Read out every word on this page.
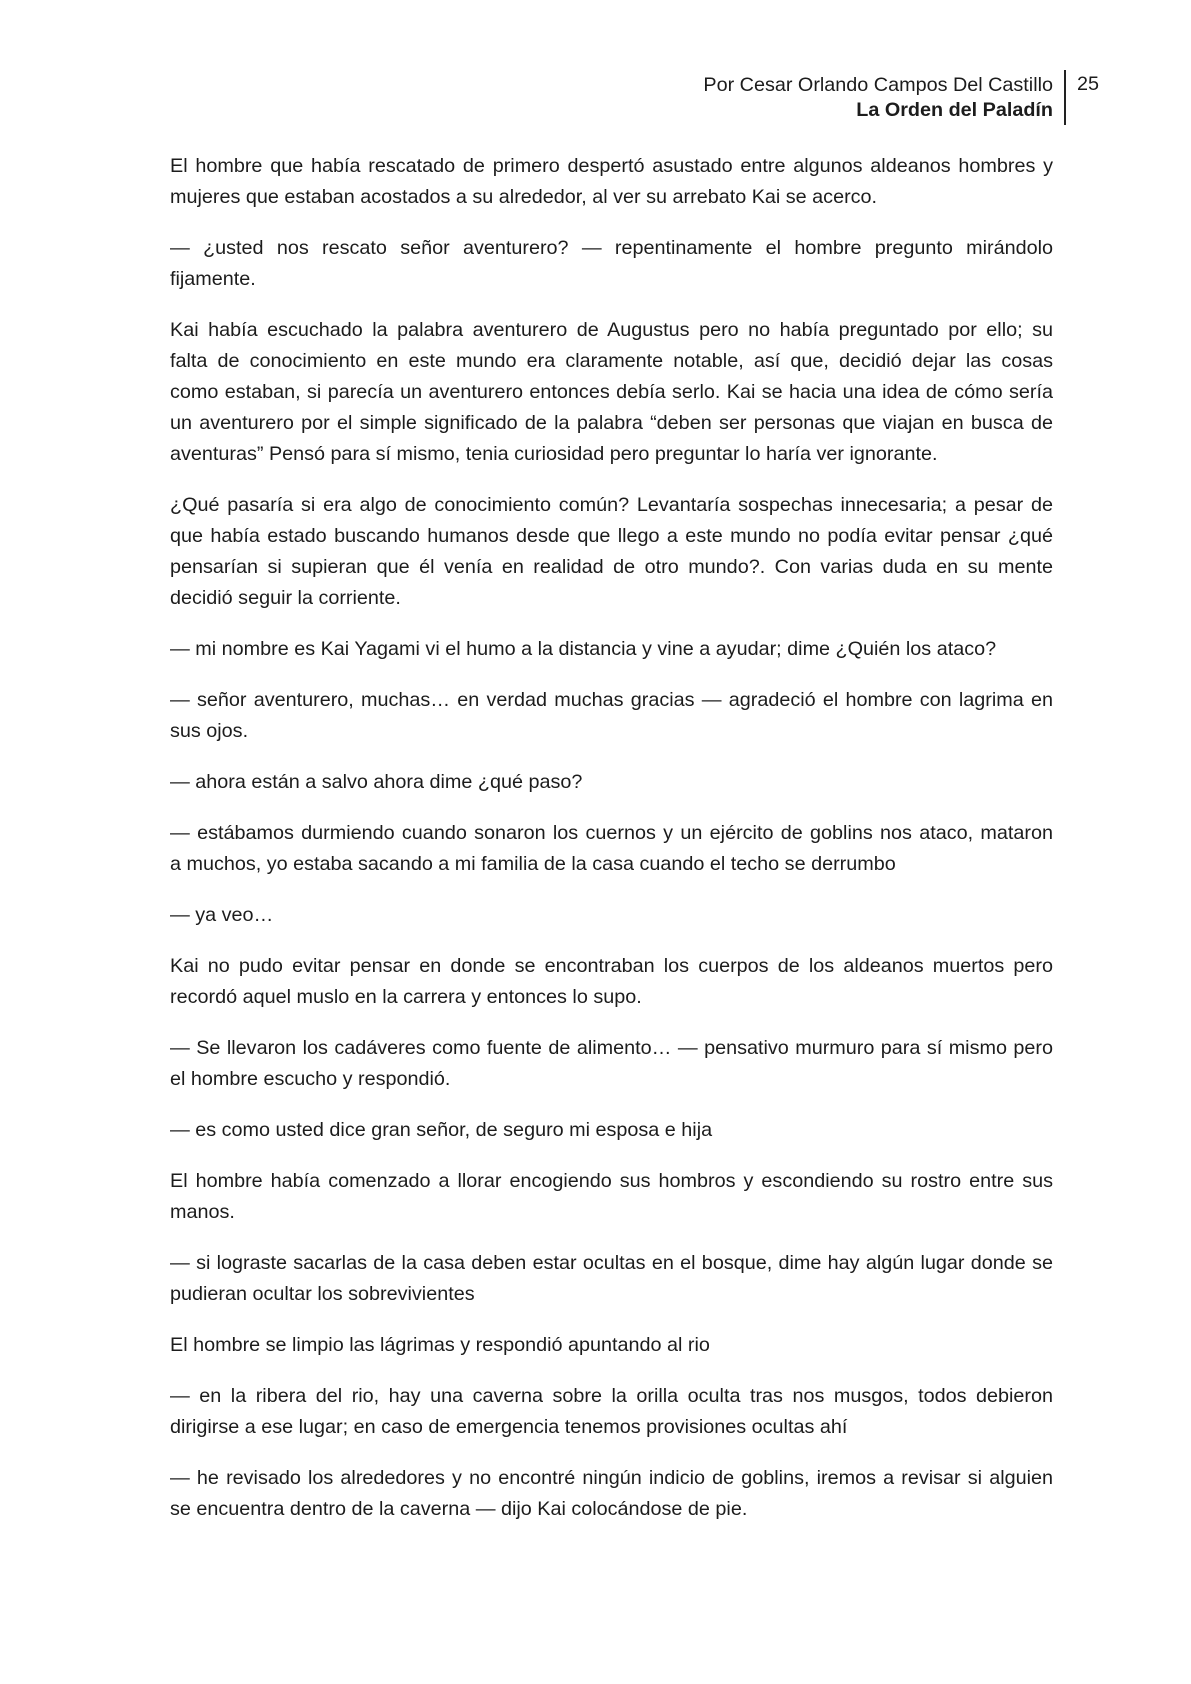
Por Cesar Orlando Campos Del Castillo
La Orden del Paladín
25

El hombre que había rescatado de primero despertó asustado entre algunos aldeanos hombres y
mujeres que estaban acostados a su alrededor, al ver su arrebato Kai se acerco.

— ¿usted nos rescato señor aventurero? — repentinamente el hombre pregunto mirándolo
fijamente.

Kai había escuchado la palabra aventurero de Augustus pero no había preguntado por ello; su
falta de conocimiento en este mundo era claramente notable, así que, decidió dejar las cosas
como estaban, si parecía un aventurero entonces debía serlo. Kai se hacia una idea de cómo sería
un aventurero por el simple significado de la palabra “deben ser personas que viajan en busca de
aventuras” Pensó para sí mismo, tenia curiosidad pero preguntar lo haría ver ignorante.

¿Qué pasaría si era algo de conocimiento común? Levantaría sospechas innecesaria; a pesar de
que había estado buscando humanos desde que llego a este mundo no podía evitar pensar ¿qué
pensarían si supieran que él venía en realidad de otro mundo?. Con varias duda en su mente
decidió seguir la corriente.

— mi nombre es Kai Yagami vi el humo a la distancia y vine a ayudar; dime ¿Quién los ataco?

— señor aventurero, muchas… en verdad muchas gracias — agradeció el hombre con lagrima en
sus ojos.

— ahora están a salvo ahora dime ¿qué paso?

— estábamos durmiendo cuando sonaron los cuernos y un ejército de goblins nos ataco, mataron
a muchos, yo estaba sacando a mi familia de la casa cuando el techo se derrumbo

— ya veo…

Kai no pudo evitar pensar en donde se encontraban los cuerpos de los aldeanos muertos pero
recordó aquel muslo en la carrera y entonces lo supo.

— Se llevaron los cadáveres como fuente de alimento… — pensativo murmuro para sí mismo pero
el hombre escucho y respondió.

— es como usted dice gran señor, de seguro mi esposa e hija

El hombre había comenzado a llorar encogiendo sus hombros y escondiendo su rostro entre sus
manos.

— si lograste sacarlas de la casa deben estar ocultas en el bosque, dime hay algún lugar donde se
pudieran ocultar los sobrevivientes

El hombre se limpio las lágrimas y respondió apuntando al rio

— en la ribera del rio, hay una caverna sobre la orilla oculta tras nos musgos, todos debieron
dirigirse a ese lugar; en caso de emergencia tenemos provisiones ocultas ahí

— he revisado los alrededores y no encontré ningún indicio de goblins, iremos a revisar si alguien
se encuentra dentro de la caverna — dijo Kai colocándose de pie.
